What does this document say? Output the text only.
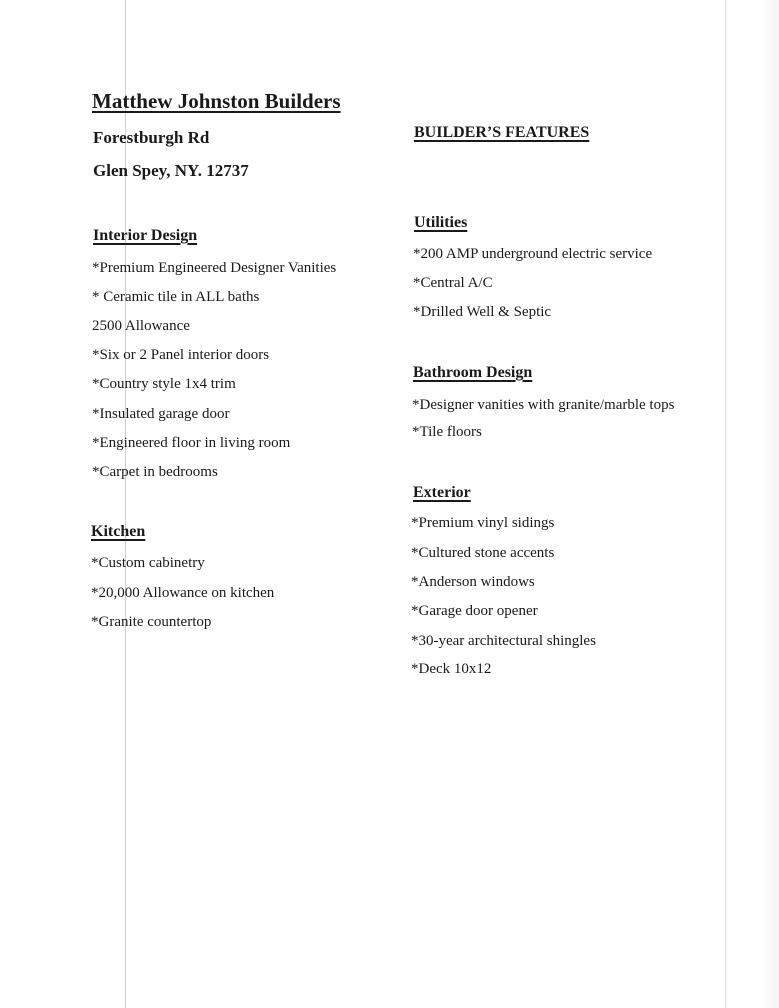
Matthew Johnston Builders
Forestburgh Rd
Glen Spey, NY. 12737
BUILDER’S FEATURES
Interior Design
*Premium Engineered Designer Vanities
* Ceramic tile in ALL baths
2500 Allowance
*Six or 2 Panel interior doors
*Country style 1x4 trim
*Insulated garage door
*Engineered floor in living room
*Carpet in bedrooms
Kitchen
*Custom cabinetry
*20,000 Allowance on kitchen
*Granite countertop
Utilities
*200 AMP underground electric service
*Central A/C
*Drilled Well & Septic
Bathroom Design
*Designer vanities with granite/marble tops
*Tile floors
Exterior
*Premium vinyl sidings
*Cultured stone accents
*Anderson windows
*Garage door opener
*30-year architectural shingles
*Deck 10x12
